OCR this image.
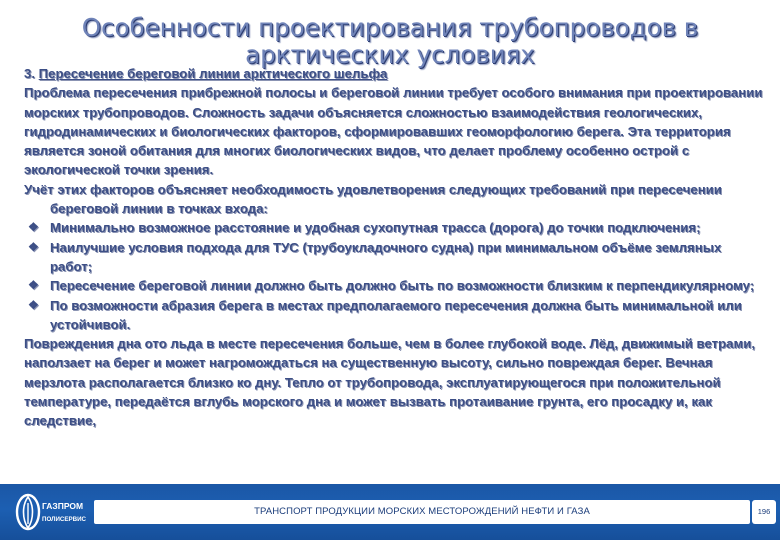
Особенности проектирования трубопроводов в
арктических условиях

3. Пересечение береговой линии арктического шельфа

Проблема пересечения прибрежной полосы и береговой линии требует особого внимания при проектировании морских трубопроводов. Сложность задачи объясняется сложностью взаимодействия геологических, гидродинамических и биологических факторов, сформировавших геоморфологию берега. Эта территория является зоной обитания для многих биологических видов, что делает проблему особенно острой с экологической точки зрения.

Учёт этих факторов объясняет необходимость удовлетворения следующих требований при пересечении береговой линии в точках входа:

❖ Минимально возможное расстояние и удобная сухопутная трасса (дорога) до точки подключения;
❖ Наилучшие условия подхода для ТУС (трубоукладочного судна) при минимальном объёме земляных работ;
❖ Пересечение береговой линии должно быть должно быть по возможности близким к перпендикулярному;
❖ По возможности абразия берега в местах предполагаемого пересечения должна быть минимальной или устойчивой.

Повреждения дна ото льда в месте пересечения больше, чем в более глубокой воде. Лёд, движимый ветрами, наползает на берег и может нагромождаться на существенную высоту, сильно повреждая берег. Вечная мерзлота располагается близко ко дну. Тепло от трубопровода, эксплуатирующегося при положительной температуре, передаётся вглубь морского дна и может вызвать протаивание грунта, его просадку и, как следствие,

ГАЗПРОМ
ПОЛИСЕРВИС
ТРАНСПОРТ ПРОДУКЦИИ МОРСКИХ МЕСТОРОЖДЕНИЙ НЕФТИ И ГАЗА	196
